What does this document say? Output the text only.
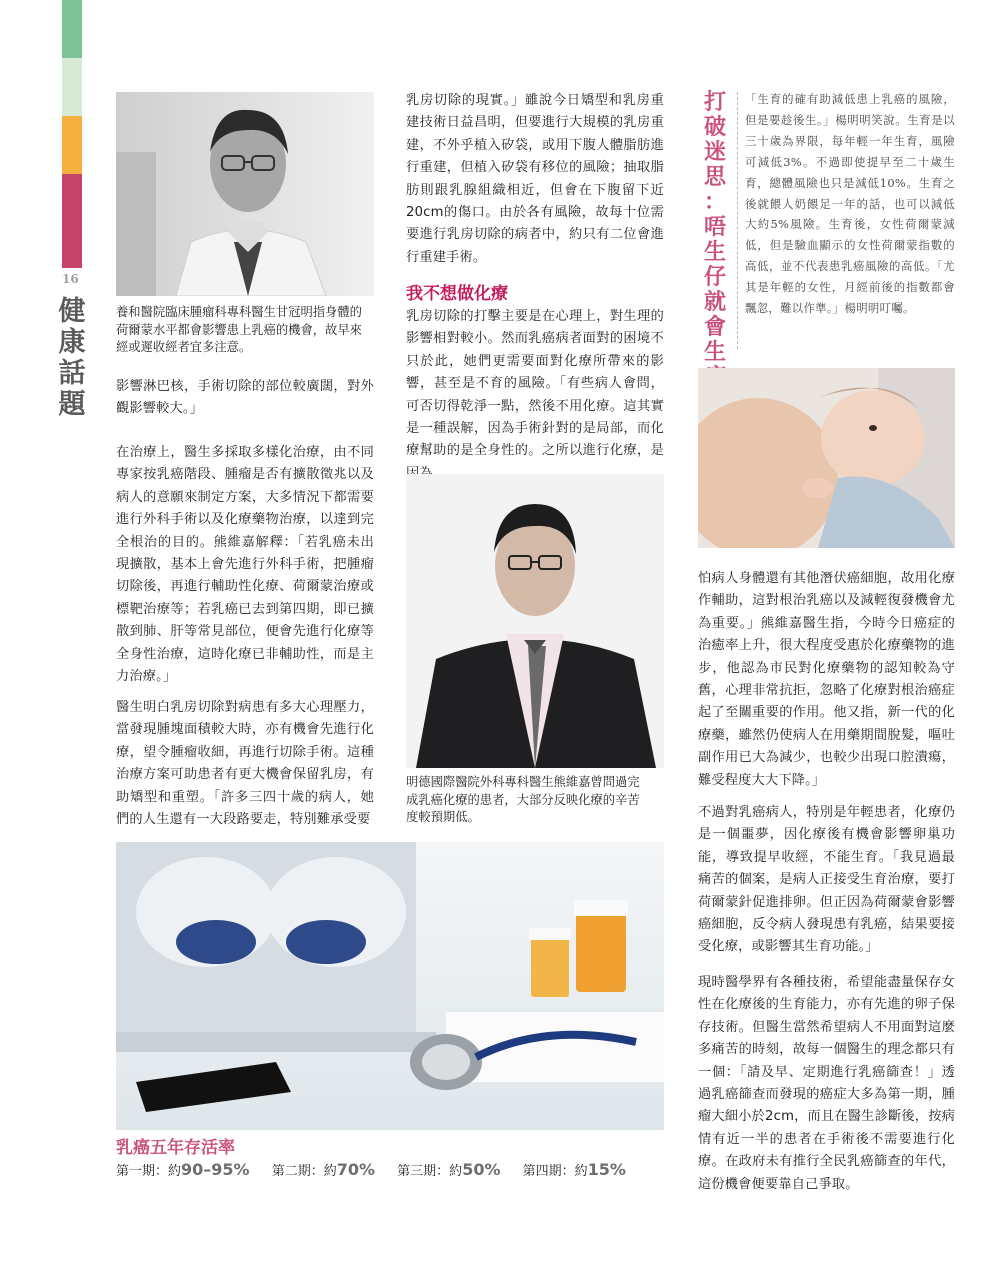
16
健
康
話
題

養和醫院臨床腫瘤科專科醫生甘冠明指身體的荷爾蒙水平都會影響患上乳癌的機會，故早來經或遲收經者宜多注意。

影響淋巴核，手術切除的部位較廣闊，對外觀影響較大。」

在治療上，醫生多採取多樣化治療，由不同專家按乳癌階段、腫瘤是否有擴散徵兆以及病人的意願來制定方案，大多情況下都需要進行外科手術以及化療藥物治療，以達到完全根治的目的。熊維嘉解釋：「若乳癌未出現擴散，基本上會先進行外科手術，把腫瘤切除後，再進行輔助性化療、荷爾蒙治療或標靶治療等；若乳癌已去到第四期，即已擴散到肺、肝等常見部位，便會先進行化療等全身性治療，這時化療已非輔助性，而是主力治療。」

醫生明白乳房切除對病患有多大心理壓力，當發現腫塊面積較大時，亦有機會先進行化療，望令腫瘤收細，再進行切除手術。這種治療方案可助患者有更大機會保留乳房，有助矯型和重塑。「許多三四十歲的病人，她們的人生還有一大段路要走，特別難承受要

乳房切除的現實。」雖說今日矯型和乳房重建技術日益昌明，但要進行大規模的乳房重建，不外乎植入矽袋，或用下腹人體脂肪進行重建，但植入矽袋有移位的風險；抽取脂肪則跟乳腺組織相近，但會在下腹留下近20cm的傷口。由於各有風險，故每十位需要進行乳房切除的病者中，約只有二位會進行重建手術。

我不想做化療

乳房切除的打擊主要是在心理上，對生理的影響相對較小。然而乳癌病者面對的困境不只於此，她們更需要面對化療所帶來的影響，甚至是不育的風險。「有些病人會問，可否切得乾淨一點，然後不用化療。這其實是一種誤解，因為手術針對的是局部，而化療幫助的是全身性的。之所以進行化療，是

明德國際醫院外科專科醫生熊維嘉曾問過完成乳癌化療的患者，大部分反映化療的辛苦度較預期低。

打
破
迷
思
：
唔
生
仔
就
會
生

「生育的確有助減低患上乳癌的風險，但是要趁後生。」楊明明笑說。生育是以三十歲為界限，每年輕一年生育，風險可減低3%。不過即使提早至二十歲生育，總體風險也只是減低10%。生育之後就餵人奶餵足一年的話，也可以減低大約5%風險。生育後，女性荷爾蒙減低，但是驗血顯示的女性荷爾蒙指數的高低，並不代表患乳癌風險的高低。「尤其是年輕的女性，月經前後的指數都會飄忽，難以作準。」楊明明叮囑。

怕病人身體還有其他潛伏癌細胞，故用化療作輔助，這對根治乳癌以及減輕復發機會尤為重要。」熊維嘉醫生指，今時今日癌症的治癒率上升，很大程度受惠於化療藥物的進步，他認為市民對化療藥物的認知較為守舊，心理非常抗拒，忽略了化療對根治癌症起了至關重要的作用。他又指，新一代的化療藥，雖然仍使病人在用藥期間脫髮，嘔吐副作用已大為減少，也較少出現口腔潰瘍，難受程度大大下降。」

不過對乳癌病人，特別是年輕患者，化療仍是一個噩夢，因化療後有機會影響卵巢功能，導致提早收經，不能生育。「我見過最痛苦的個案，是病人正接受生育治療，要打荷爾蒙針促進排卵。但正因為荷爾蒙會影響癌細胞，反令病人發現患有乳癌，結果要接受化療，或影響其生育功能。」

現時醫學界有各種技術，希望能盡量保存女性在化療後的生育能力，亦有先進的卵子保存技術。但醫生當然希望病人不用面對這麼多痛苦的時刻，故每一個醫生的理念都只有一個：「請及早、定期進行乳癌篩查！」透過乳癌篩查而發現的癌症大多為第一期，腫瘤大細小於2cm，而且在醫生診斷後，按病情有近一半的患者在手術後不需要進行化療。在政府未有推行全民乳癌篩查的年代，這份機會便要靠自己爭取。

乳癌五年存活率
第一期：約90–95% 第二期：約70% 第三期：約50% 第四期：約15%
